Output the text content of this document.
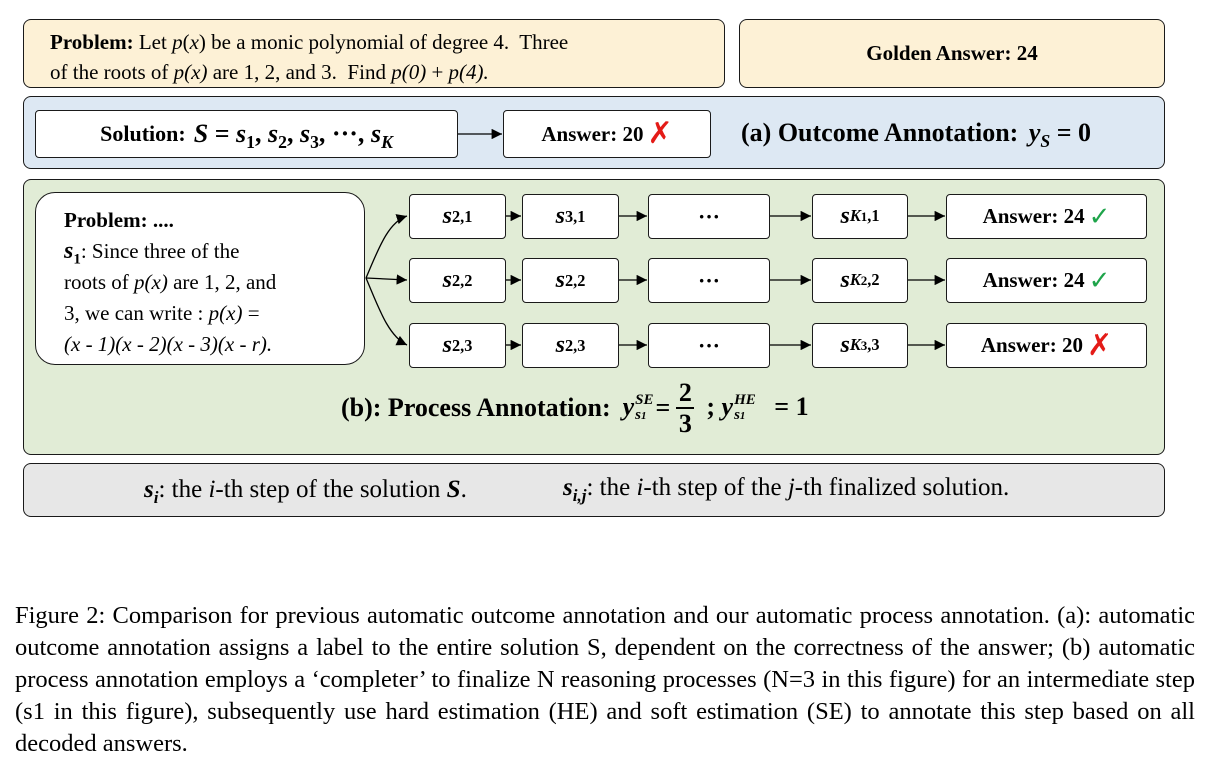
Problem: Let p(x) be a monic polynomial of degree 4.  Three
of the roots of p(x) are 1, 2, and 3.  Find p(0) + p(4).
Golden Answer: 24
Solution: $S = s_1$, $s_2$, $s_3$, ···, $s_K$	Answer: 20 ✗	(a) Outcome Annotation: $y_S = 0$
Problem: ....
$s_1$: Since three of the
roots of p(x) are 1, 2, and
3, we can write : p(x) =
(x - 1)(x - 2)(x - 3)(x - r).
s 2,1	s 3,1	···	s K1,1	Answer: 24 ✓
s 2,2	s 2,2	···	s K2,2	Answer: 24 ✓
s 2,3	s 2,3	···	s K3,3	Answer: 20 ✗
(b): Process Annotation: y SE
$s1 = \frac{2}{3}$ ; y HE
s1	= 1
$s_i$: the i-th step of the solution S.	$s_{i,j}$: the i-th step of the j-th finalized solution.
Figure 2: Comparison for previous automatic outcome annotation and our automatic process annotation. (a): automatic outcome annotation assigns a label to the entire solution S, dependent on the correctness of the answer; (b) automatic process annotation employs a ‘completer’ to finalize N reasoning processes (N=3 in this figure) for an intermediate step (s1 in this figure), subsequently use hard estimation (HE) and soft estimation (SE) to annotate this step based on all decoded answers.
